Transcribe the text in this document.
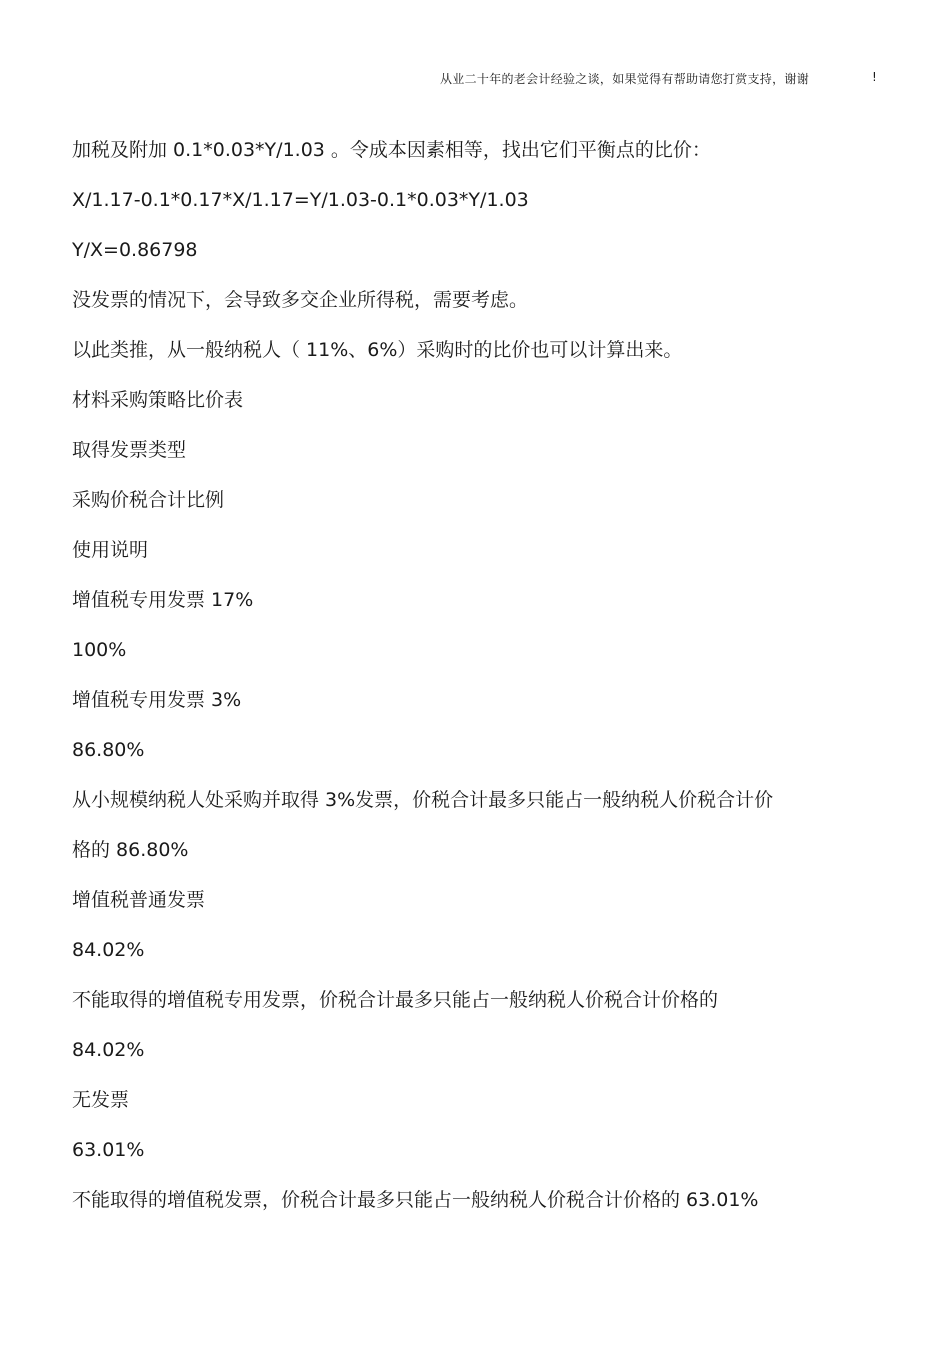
从业二十年的老会计经验之谈，如果觉得有帮助请您打赏支持，谢谢	!
加税及附加 0.1*0.03*Y/1.03 。令成本因素相等，找出它们平衡点的比价：
X/1.17-0.1*0.17*X/1.17=Y/1.03-0.1*0.03*Y/1.03
Y/X=0.86798
没发票的情况下，会导致多交企业所得税，需要考虑。
以此类推，从一般纳税人（ 11%、6%）采购时的比价也可以计算出来。
材料采购策略比价表
取得发票类型
采购价税合计比例
使用说明
增值税专用发票 17%
100%
增值税专用发票 3%
86.80%
从小规模纳税人处采购并取得 3%发票，价税合计最多只能占一般纳税人价税合计价
格的 86.80%
增值税普通发票
84.02%
不能取得的增值税专用发票，价税合计最多只能占一般纳税人价税合计价格的
84.02%
无发票
63.01%
不能取得的增值税发票，价税合计最多只能占一般纳税人价税合计价格的 63.01%
